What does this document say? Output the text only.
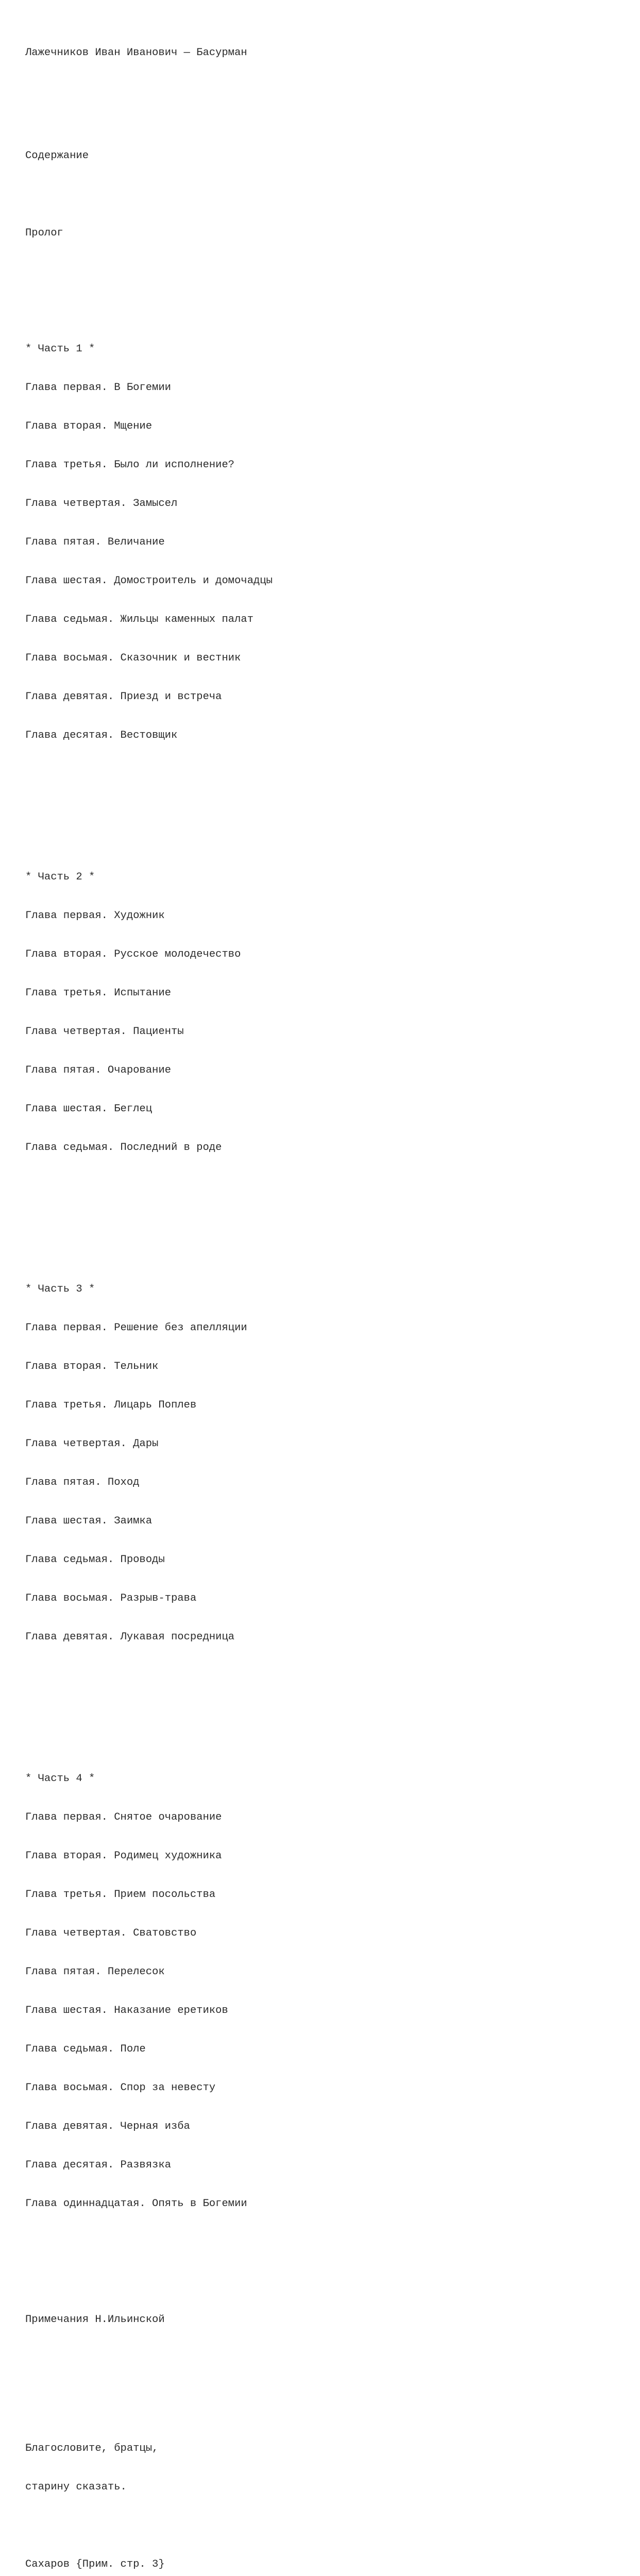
Лажечников Иван Иванович — Басурман

Содержание

Пролог

* Часть 1 *

Глава первая. В Богемии

Глава вторая. Мщение

Глава третья. Было ли исполнение?

Глава четвертая. Замысел

Глава пятая. Величание

Глава шестая. Домостроитель и домочадцы

Глава седьмая. Жильцы каменных палат

Глава восьмая. Сказочник и вестник

Глава девятая. Приезд и встреча

Глава десятая. Вестовщик

* Часть 2 *

Глава первая. Художник

Глава вторая. Русское молодечество

Глава третья. Испытание

Глава четвертая. Пациенты

Глава пятая. Очарование

Глава шестая. Беглец

Глава седьмая. Последний в роде

* Часть 3 *

Глава первая. Решение без апелляции

Глава вторая. Тельник

Глава третья. Лицарь Поплев

Глава четвертая. Дары

Глава пятая. Поход

Глава шестая. Заимка

Глава седьмая. Проводы

Глава восьмая. Разрыв-трава

Глава девятая. Лукавая посредница

* Часть 4 *

Глава первая. Снятое очарование

Глава вторая. Родимец художника

Глава третья. Прием посольства

Глава четвертая. Сватовство

Глава пятая. Перелесок

Глава шестая. Наказание еретиков

Глава седьмая. Поле

Глава восьмая. Спор за невесту

Глава девятая. Черная изба

Глава десятая. Развязка

Глава одиннадцатая. Опять в Богемии

Примечания Н.Ильинской

Благословите, братцы,

старину сказать.

Сахаров {Прим. стр. 3}
